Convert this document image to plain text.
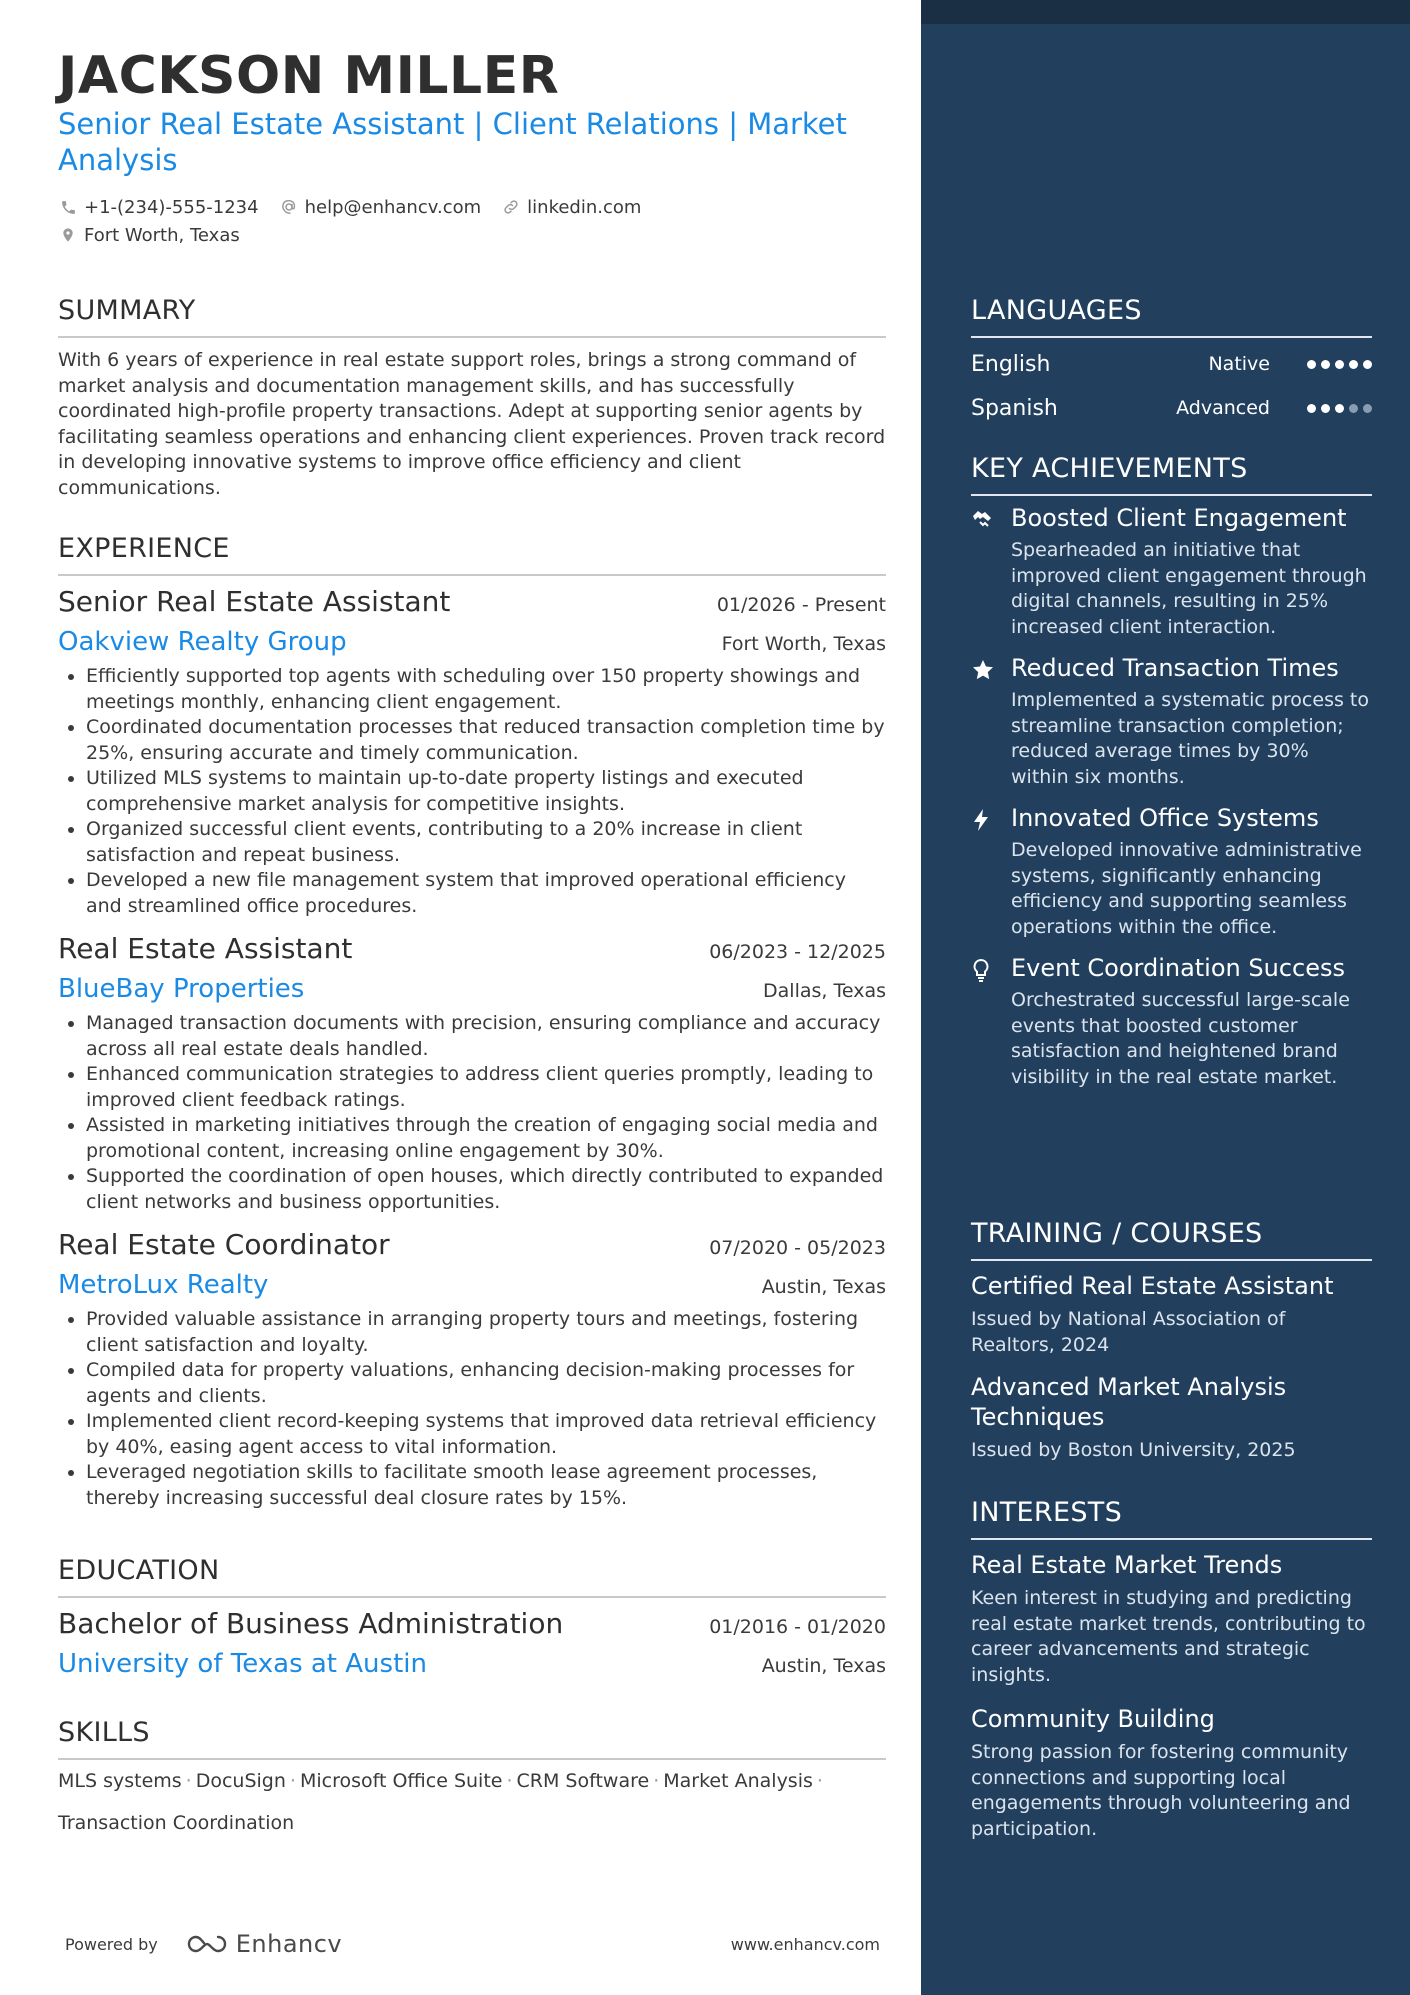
JACKSON MILLER
Senior Real Estate Assistant | Client Relations | Market Analysis
+1-(234)-555-1234	help@enhancv.com	linkedin.com
Fort Worth, Texas
SUMMARY
With 6 years of experience in real estate support roles, brings a strong command of market analysis and documentation management skills, and has successfully coordinated high-profile property transactions. Adept at supporting senior agents by facilitating seamless operations and enhancing client experiences. Proven track record in developing innovative systems to improve office efficiency and client communications.
EXPERIENCE
Senior Real Estate Assistant	01/2026 - Present
Oakview Realty Group	Fort Worth, Texas
• Efficiently supported top agents with scheduling over 150 property showings and meetings monthly, enhancing client engagement.
• Coordinated documentation processes that reduced transaction completion time by 25%, ensuring accurate and timely communication.
• Utilized MLS systems to maintain up-to-date property listings and executed comprehensive market analysis for competitive insights.
• Organized successful client events, contributing to a 20% increase in client satisfaction and repeat business.
• Developed a new file management system that improved operational efficiency and streamlined office procedures.
Real Estate Assistant	06/2023 - 12/2025
BlueBay Properties	Dallas, Texas
• Managed transaction documents with precision, ensuring compliance and accuracy across all real estate deals handled.
• Enhanced communication strategies to address client queries promptly, leading to improved client feedback ratings.
• Assisted in marketing initiatives through the creation of engaging social media and promotional content, increasing online engagement by 30%.
• Supported the coordination of open houses, which directly contributed to expanded client networks and business opportunities.
Real Estate Coordinator	07/2020 - 05/2023
MetroLux Realty	Austin, Texas
• Provided valuable assistance in arranging property tours and meetings, fostering client satisfaction and loyalty.
• Compiled data for property valuations, enhancing decision-making processes for agents and clients.
• Implemented client record-keeping systems that improved data retrieval efficiency by 40%, easing agent access to vital information.
• Leveraged negotiation skills to facilitate smooth lease agreement processes, thereby increasing successful deal closure rates by 15%.
EDUCATION
Bachelor of Business Administration	01/2016 - 01/2020
University of Texas at Austin	Austin, Texas
SKILLS
MLS systems · DocuSign · Microsoft Office Suite · CRM Software · Market Analysis ·
Transaction Coordination
Powered by	Enhancv	www.enhancv.com
LANGUAGES
English	Native
Spanish	Advanced
KEY ACHIEVEMENTS
Boosted Client Engagement
Spearheaded an initiative that improved client engagement through digital channels, resulting in 25% increased client interaction.
Reduced Transaction Times
Implemented a systematic process to streamline transaction completion; reduced average times by 30% within six months.
Innovated Office Systems
Developed innovative administrative systems, significantly enhancing efficiency and supporting seamless operations within the office.
Event Coordination Success
Orchestrated successful large-scale events that boosted customer satisfaction and heightened brand visibility in the real estate market.
TRAINING / COURSES
Certified Real Estate Assistant
Issued by National Association of Realtors, 2024
Advanced Market Analysis Techniques
Issued by Boston University, 2025
INTERESTS
Real Estate Market Trends
Keen interest in studying and predicting real estate market trends, contributing to career advancements and strategic insights.
Community Building
Strong passion for fostering community connections and supporting local engagements through volunteering and participation.
